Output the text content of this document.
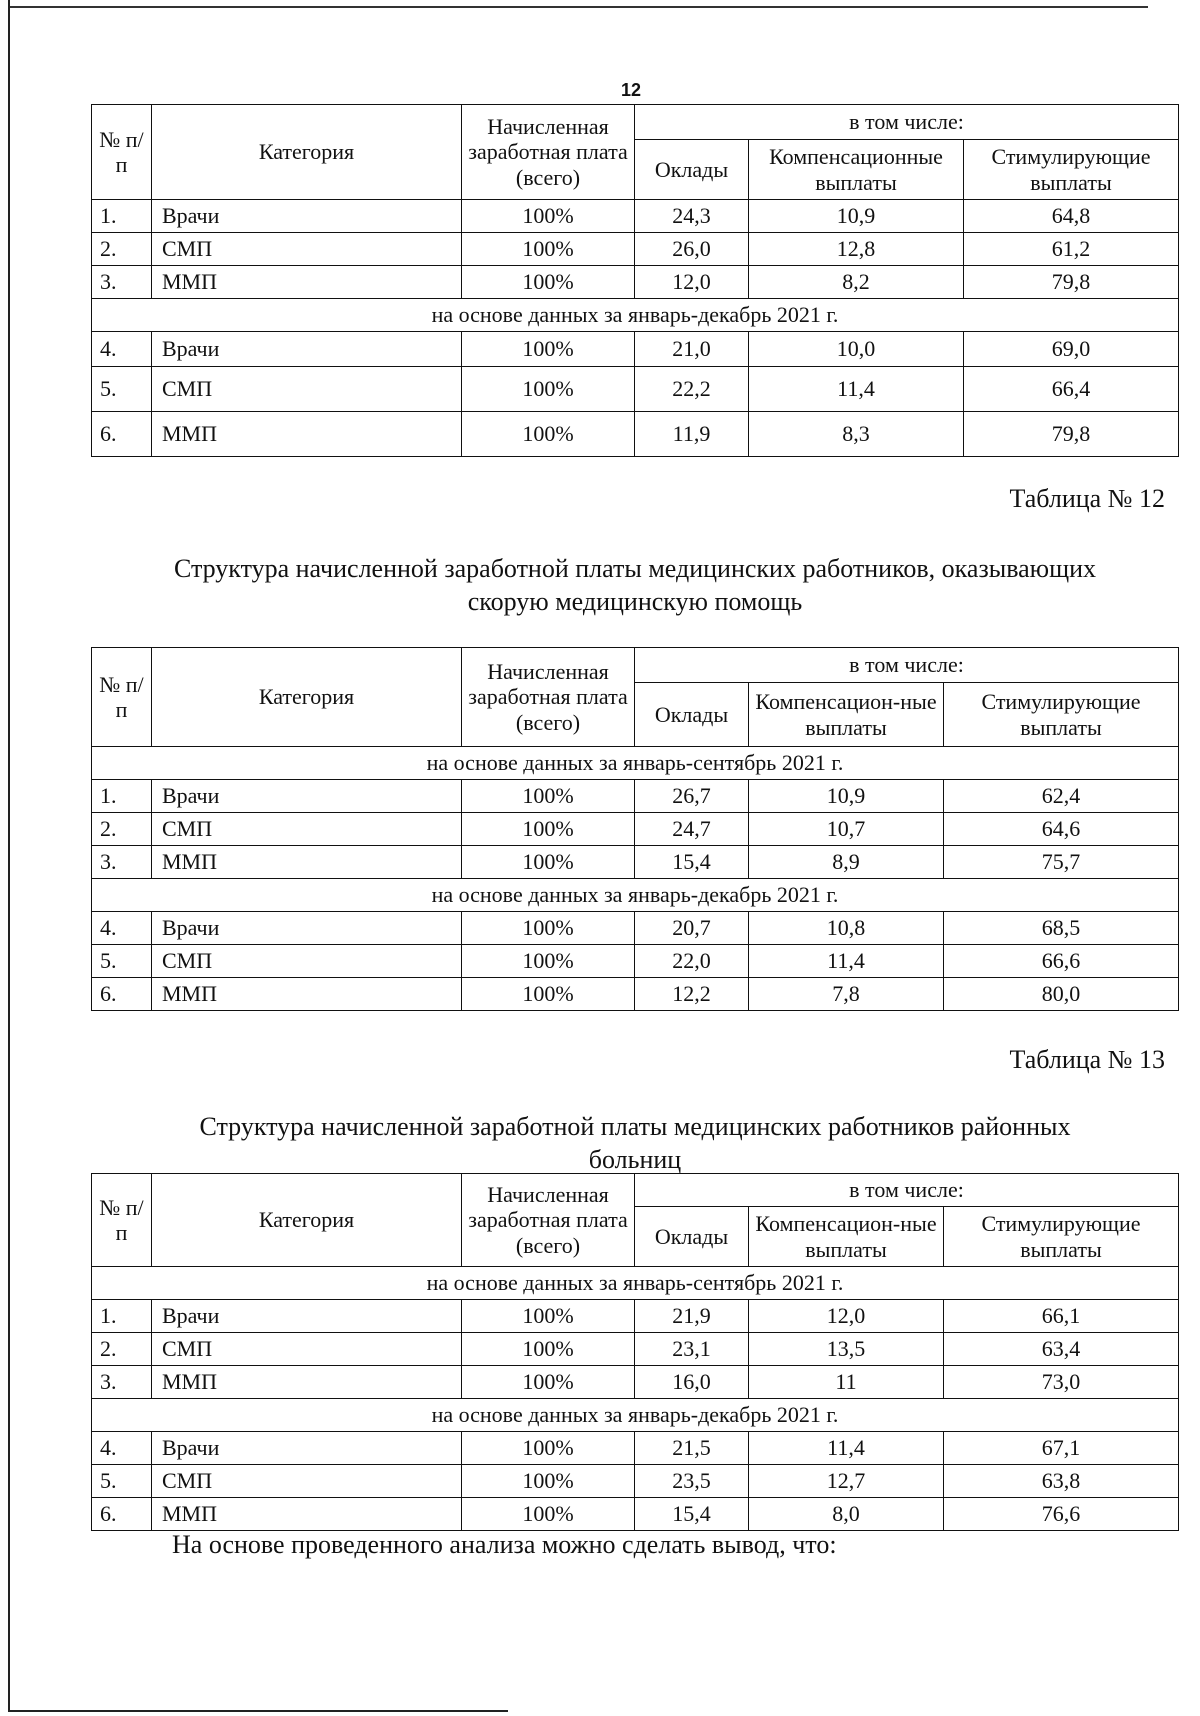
12
№ п/п	Категория	Начисленная заработная плата (всего)	в том числе:		
			Оклады	Компенсационные выплаты	Стимулирующие выплаты
1.	Врачи	100%	24,3	10,9	64,8
2.	СМП	100%	26,0	12,8	61,2
3.	ММП	100%	12,0	8,2	79,8
на основе данных за январь-декабрь 2021 г.					
4.	Врачи	100%	21,0	10,0	69,0
5.	СМП	100%	22,2	11,4	66,4
6.	ММП	100%	11,9	8,3	79,8
Таблица № 12
Структура начисленной заработной платы медицинских работников, оказывающих
скорую медицинскую помощь
№ п/п	Категория	Начисленная заработная плата (всего)	в том числе:		
			Оклады	Компенсацион-ные выплаты	Стимулирующие выплаты
на основе данных за январь-сентябрь 2021 г.					
1.	Врачи	100%	26,7	10,9	62,4
2.	СМП	100%	24,7	10,7	64,6
3.	ММП	100%	15,4	8,9	75,7
на основе данных за январь-декабрь 2021 г.					
4.	Врачи	100%	20,7	10,8	68,5
5.	СМП	100%	22,0	11,4	66,6
6.	ММП	100%	12,2	7,8	80,0
Таблица № 13
Структура начисленной заработной платы медицинских работников районных
больниц
№ п/п	Категория	Начисленная заработная плата (всего)	в том числе:		
			Оклады	Компенсацион-ные выплаты	Стимулирующие выплаты
на основе данных за январь-сентябрь 2021 г.					
1.	Врачи	100%	21,9	12,0	66,1
2.	СМП	100%	23,1	13,5	63,4
3.	ММП	100%	16,0	11	73,0
на основе данных за январь-декабрь 2021 г.					
4.	Врачи	100%	21,5	11,4	67,1
5.	СМП	100%	23,5	12,7	63,8
6.	ММП	100%	15,4	8,0	76,6
На основе проведенного анализа можно сделать вывод, что:
